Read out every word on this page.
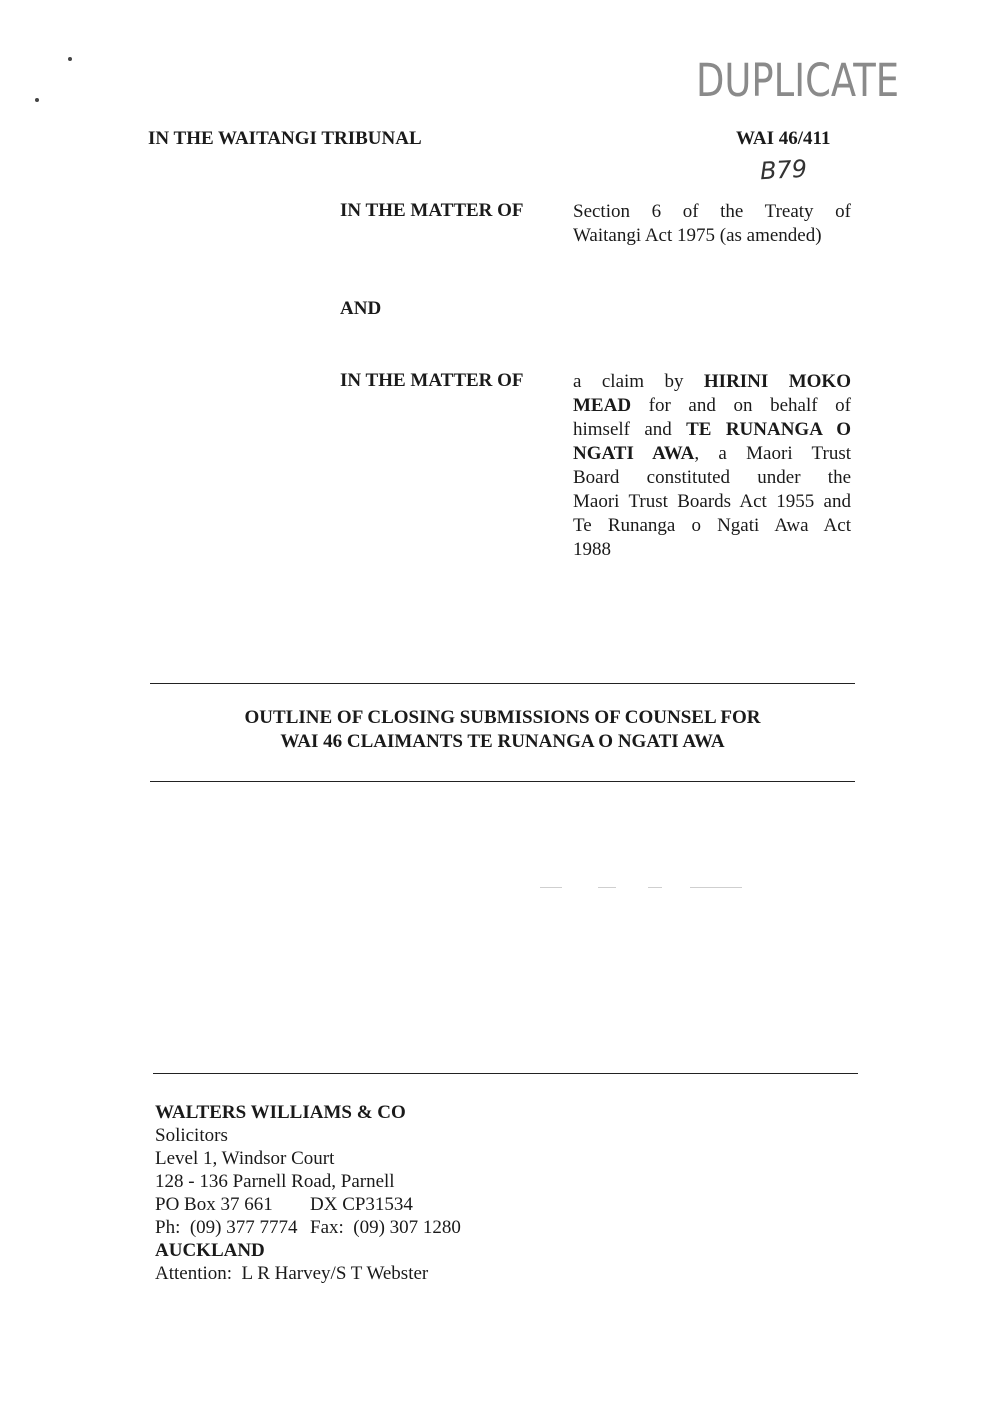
DUPLICATE
IN THE WAITANGI TRIBUNAL	WAI 46/411
B79
IN THE MATTER OF	Section 6 of the Treaty of
Waitangi Act 1975 (as amended)
AND
IN THE MATTER OF	a claim by HIRINI MOKO
MEAD for and on behalf of
himself and TE RUNANGA O
NGATI AWA, a Maori Trust
Board constituted under the
Maori Trust Boards Act 1955 and
Te Runanga o Ngati Awa Act
1988
OUTLINE OF CLOSING SUBMISSIONS OF COUNSEL FOR
WAI 46 CLAIMANTS TE RUNANGA O NGATI AWA
WALTERS WILLIAMS & CO
Solicitors
Level 1, Windsor Court
128 - 136 Parnell Road, Parnell
PO Box 37 661 DX CP31534
Ph:  (09) 377 7774 Fax:  (09) 307 1280
AUCKLAND
Attention:  L R Harvey/S T Webster
